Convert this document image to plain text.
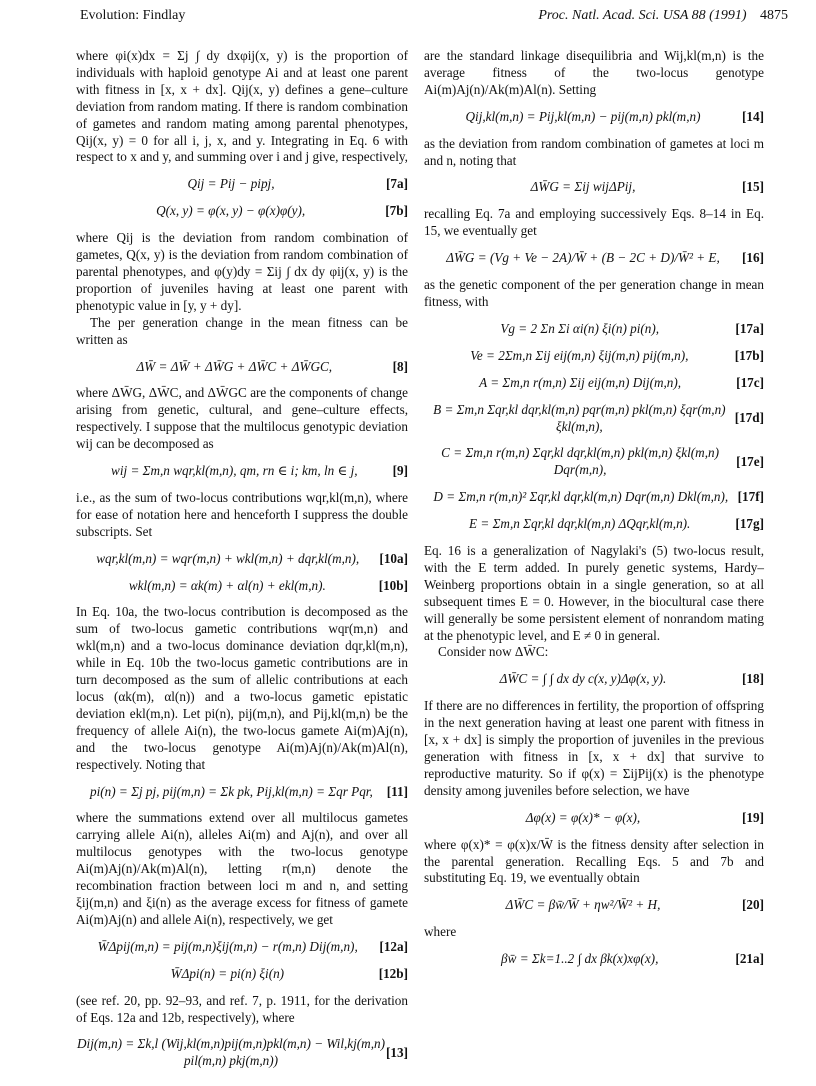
Evolution: Findlay	Proc. Natl. Acad. Sci. USA 88 (1991) 4875

where φi(x)dx = Σj ∫ dy dxφij(x, y) is the proportion of individuals with haploid genotype Ai and at least one parent with fitness in [x, x + dx]. Qij(x, y) defines a gene–culture deviation from random mating. If there is random combination of gametes and random mating among parental phenotypes, Qij(x, y) = 0 for all i, j, x, and y. Integrating in Eq. 6 with respect to x and y, and summing over i and j give, respectively,

Qij = Pij − pipj,	[7a]
Q(x, y) = φ(x, y) − φ(x)φ(y),	[7b]

where Qij is the deviation from random combination of gametes, Q(x, y) is the deviation from random combination of parental phenotypes, and φ(y)dy = Σij ∫ dx dy φij(x, y) is the proportion of juveniles having at least one parent with phenotypic value in [y, y + dy].

The per generation change in the mean fitness can be written as

ΔW̄ = ΔW̄ + ΔW̄G + ΔW̄C + ΔW̄GC,	[8]

where ΔW̄G, ΔW̄C, and ΔW̄GC are the components of change arising from genetic, cultural, and gene–culture effects, respectively. I suppose that the multilocus genotypic deviation wij can be decomposed as

wij = Σm,n wqr,kl(m,n), qm, rn ∈ i; km, ln ∈ j,	[9]

i.e., as the sum of two-locus contributions wqr,kl(m,n), where for ease of notation here and henceforth I suppress the double subscripts. Set

wqr,kl(m,n) = wqr(m,n) + wkl(m,n) + dqr,kl(m,n),	[10a]
wkl(m,n) = αk(m) + αl(n) + ekl(m,n).	[10b]

In Eq. 10a, the two-locus contribution is decomposed as the sum of two-locus gametic contributions wqr(m,n) and wkl(m,n) and a two-locus dominance deviation dqr,kl(m,n), while in Eq. 10b the two-locus gametic contributions are in turn decomposed as the sum of allelic contributions at each locus (αk(m), αl(n)) and a two-locus gametic epistatic deviation ekl(m,n). Let pi(n), pij(m,n), and Pij,kl(m,n) be the frequency of allele Ai(n), the two-locus gamete Ai(m)Aj(n), and the two-locus genotype Ai(m)Aj(n)/Ak(m)Al(n), respectively. Noting that

pi(n) = Σj pj, pij(m,n) = Σk pk, Pij,kl(m,n) = Σqr Pqr,	[11]

where the summations extend over all multilocus gametes carrying allele Ai(n), alleles Ai(m) and Aj(n), and over all multilocus genotypes with the two-locus genotype Ai(m)Aj(n)/Ak(m)Al(n), letting r(m,n) denote the recombination fraction between loci m and n, and setting ξij(m,n) and ξi(n) as the average excess for fitness of gamete Ai(m)Aj(n) and allele Ai(n), respectively, we get

W̄Δpij(m,n) = pij(m,n)ξij(m,n) − r(m,n) Dij(m,n),	[12a]
W̄Δpi(n) = pi(n) ξi(n)	[12b]

(see ref. 20, pp. 92–93, and ref. 7, p. 1911, for the derivation of Eqs. 12a and 12b, respectively), where

Dij(m,n) = Σk,l (Wij,kl(m,n)pij(m,n)pkl(m,n) − Wil,kj(m,n) pil(m,n) pkj(m,n))
[13]

are the standard linkage disequilibria and Wij,kl(m,n) is the average fitness of the two-locus genotype Ai(m)Aj(n)/Ak(m)Al(n). Setting

Qij,kl(m,n) = Pij,kl(m,n) − pij(m,n) pkl(m,n)	[14]

as the deviation from random combination of gametes at loci m and n, noting that

ΔW̄G = Σij wijΔPij,	[15]

recalling Eq. 7a and employing successively Eqs. 8–14 in Eq. 15, we eventually get

ΔW̄G = (Vg + Ve − 2A)/W̄ + (B − 2C + D)/W̄² + E,	[16]

as the genetic component of the per generation change in mean fitness, with

Vg = 2 Σn Σi αi(n) ξi(n) pi(n),	[17a]
Ve = 2Σm,n Σij eij(m,n) ξij(m,n) pij(m,n),	[17b]
A = Σm,n r(m,n) Σij eij(m,n) Dij(m,n),	[17c]
B = Σm,n Σqr,kl dqr,kl(m,n) pqr(m,n) pkl(m,n) ξqr(m,n) ξkl(m,n),
[17d]
C = Σm,n r(m,n) Σqr,kl dqr,kl(m,n) pkl(m,n) ξkl(m,n) Dqr(m,n),
[17e]
D = Σm,n r(m,n)² Σqr,kl dqr,kl(m,n) Dqr(m,n) Dkl(m,n), [17f]
E = Σm,n Σqr,kl dqr,kl(m,n) ΔQqr,kl(m,n).	[17g]

Eq. 16 is a generalization of Nagylaki's (5) two-locus result, with the E term added. In purely genetic systems, Hardy–Weinberg proportions obtain in a single generation, so at all subsequent times E = 0. However, in the biocultural case there will generally be some persistent element of nonrandom mating at the phenotypic level, and E ≠ 0 in general.

Consider now ΔW̄C:

ΔW̄C = ∫ ∫ dx dy c(x, y)Δφ(x, y).	[18]

If there are no differences in fertility, the proportion of offspring in the next generation having at least one parent with fitness in [x, x + dx] is simply the proportion of juveniles in the previous generation with fitness in [x, x + dx] that survive to reproductive maturity. So if φ(x) = ΣijPij(x) is the phenotype density among juveniles before selection, we have

Δφ(x) = φ(x)* − φ(x),	[19]

where φ(x)* = φ(x)x/W̄ is the fitness density after selection in the parental generation. Recalling Eqs. 5 and 7b and substituting Eq. 19, we eventually obtain

ΔW̄C = βw̄/W̄ + ηw²/W̄² + H,	[20]

where

βw̄ = Σk=1..2 ∫ dx βk(x)xφ(x),	[21a]
